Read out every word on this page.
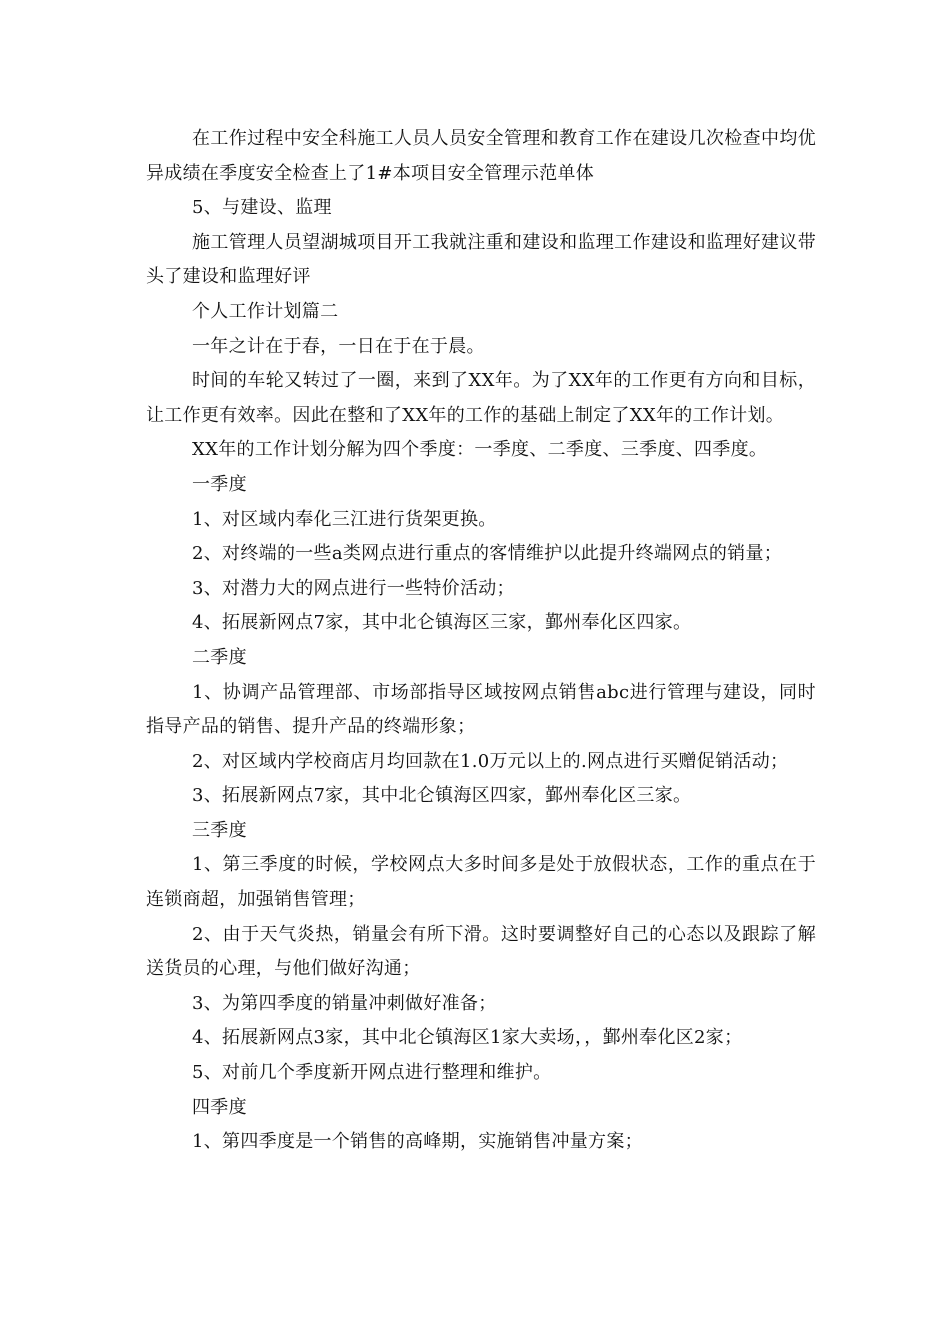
在工作过程中安全科施工人员人员安全管理和教育工作在建设几次检查中均优异成绩在季度安全检查上了1#本项目安全管理示范单体

5、与建设、监理

施工管理人员望湖城项目开工我就注重和建设和监理工作建设和监理好建议带头了建设和监理好评

个人工作计划篇二

一年之计在于春，一日在于在于晨。

时间的车轮又转过了一圈，来到了XX年。为了XX年的工作更有方向和目标，让工作更有效率。因此在整和了XX年的工作的基础上制定了XX年的工作计划。

XX年的工作计划分解为四个季度：一季度、二季度、三季度、四季度。

一季度

1、对区域内奉化三江进行货架更换。

2、对终端的一些a类网点进行重点的客情维护以此提升终端网点的销量；

3、对潜力大的网点进行一些特价活动；

4、拓展新网点7家，其中北仑镇海区三家，鄞州奉化区四家。

二季度

1、协调产品管理部、市场部指导区域按网点销售abc进行管理与建设，同时指导产品的销售、提升产品的终端形象；

2、对区域内学校商店月均回款在1.0万元以上的.网点进行买赠促销活动；

3、拓展新网点7家，其中北仑镇海区四家，鄞州奉化区三家。

三季度

1、第三季度的时候，学校网点大多时间多是处于放假状态，工作的重点在于连锁商超，加强销售管理；

2、由于天气炎热，销量会有所下滑。这时要调整好自己的心态以及跟踪了解送货员的心理，与他们做好沟通；

3、为第四季度的销量冲刺做好准备；

4、拓展新网点3家，其中北仑镇海区1家大卖场，，鄞州奉化区2家；

5、对前几个季度新开网点进行整理和维护。

四季度

1、第四季度是一个销售的高峰期，实施销售冲量方案；
